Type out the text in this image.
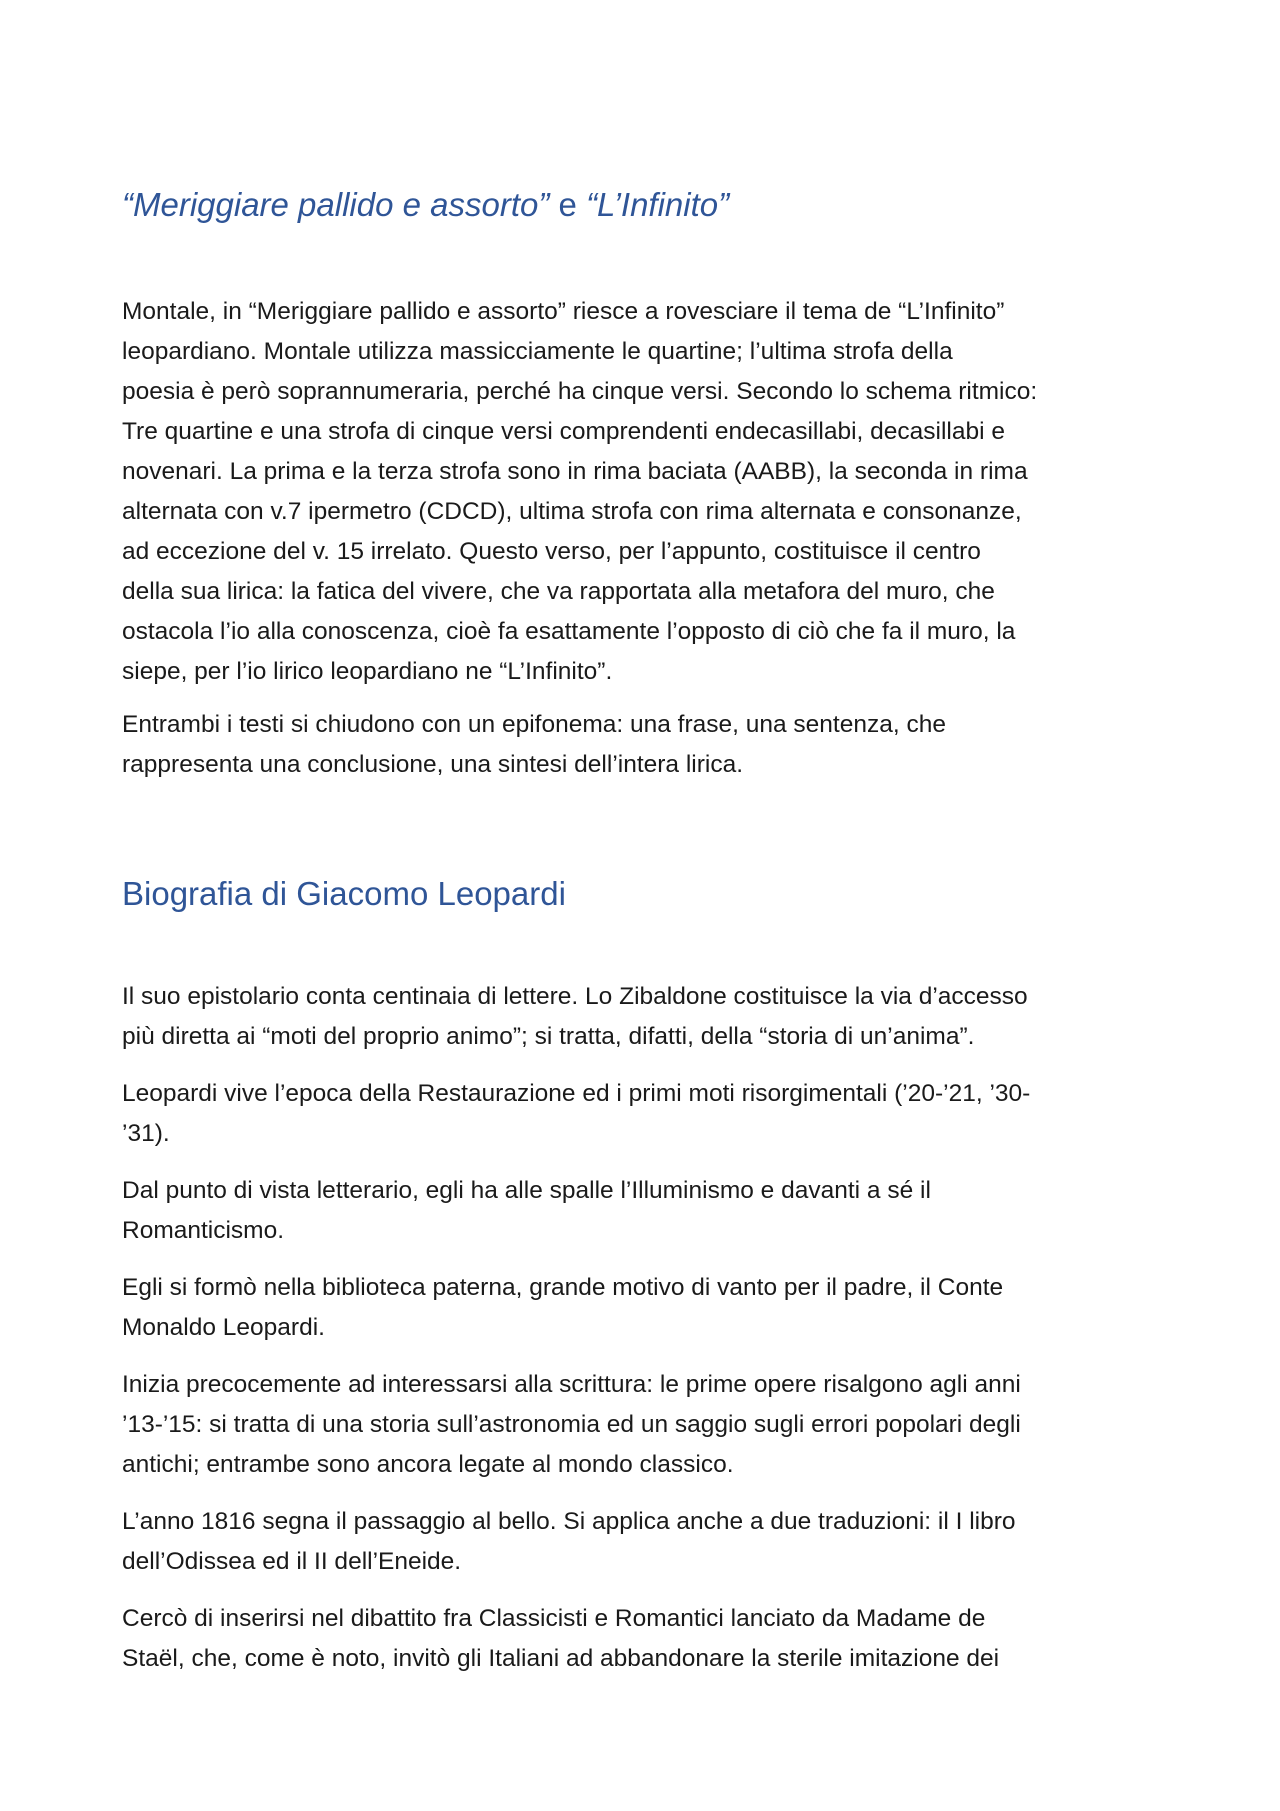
“Meriggiare pallido e assorto” e “L’Infinito”

Montale, in “Meriggiare pallido e assorto” riesce a rovesciare il tema de “L’Infinito”
leopardiano. Montale utilizza massicciamente le quartine; l’ultima strofa della
poesia è però soprannumeraria, perché ha cinque versi. Secondo lo schema ritmico:
Tre quartine e una strofa di cinque versi comprendenti endecasillabi, decasillabi e
novenari. La prima e la terza strofa sono in rima baciata (AABB), la seconda in rima
alternata con v.7 ipermetro (CDCD), ultima strofa con rima alternata e consonanze,
ad eccezione del v. 15 irrelato. Questo verso, per l’appunto, costituisce il centro
della sua lirica: la fatica del vivere, che va rapportata alla metafora del muro, che
ostacola l’io alla conoscenza, cioè fa esattamente l’opposto di ciò che fa il muro, la
siepe, per l’io lirico leopardiano ne “L’Infinito”.

Entrambi i testi si chiudono con un epifonema: una frase, una sentenza, che
rappresenta una conclusione, una sintesi dell’intera lirica.

Biografia di Giacomo Leopardi

Il suo epistolario conta centinaia di lettere. Lo Zibaldone costituisce la via d’accesso
più diretta ai “moti del proprio animo”; si tratta, difatti, della “storia di un’anima”.

Leopardi vive l’epoca della Restaurazione ed i primi moti risorgimentali (’20-’21, ’30-
’31).

Dal punto di vista letterario, egli ha alle spalle l’Illuminismo e davanti a sé il
Romanticismo.

Egli si formò nella biblioteca paterna, grande motivo di vanto per il padre, il Conte
Monaldo Leopardi.

Inizia precocemente ad interessarsi alla scrittura: le prime opere risalgono agli anni
’13-’15: si tratta di una storia sull’astronomia ed un saggio sugli errori popolari degli
antichi; entrambe sono ancora legate al mondo classico.

L’anno 1816 segna il passaggio al bello. Si applica anche a due traduzioni: il I libro
dell’Odissea ed il II dell’Eneide.

Cercò di inserirsi nel dibattito fra Classicisti e Romantici lanciato da Madame de
Staël, che, come è noto, invitò gli Italiani ad abbandonare la sterile imitazione dei
